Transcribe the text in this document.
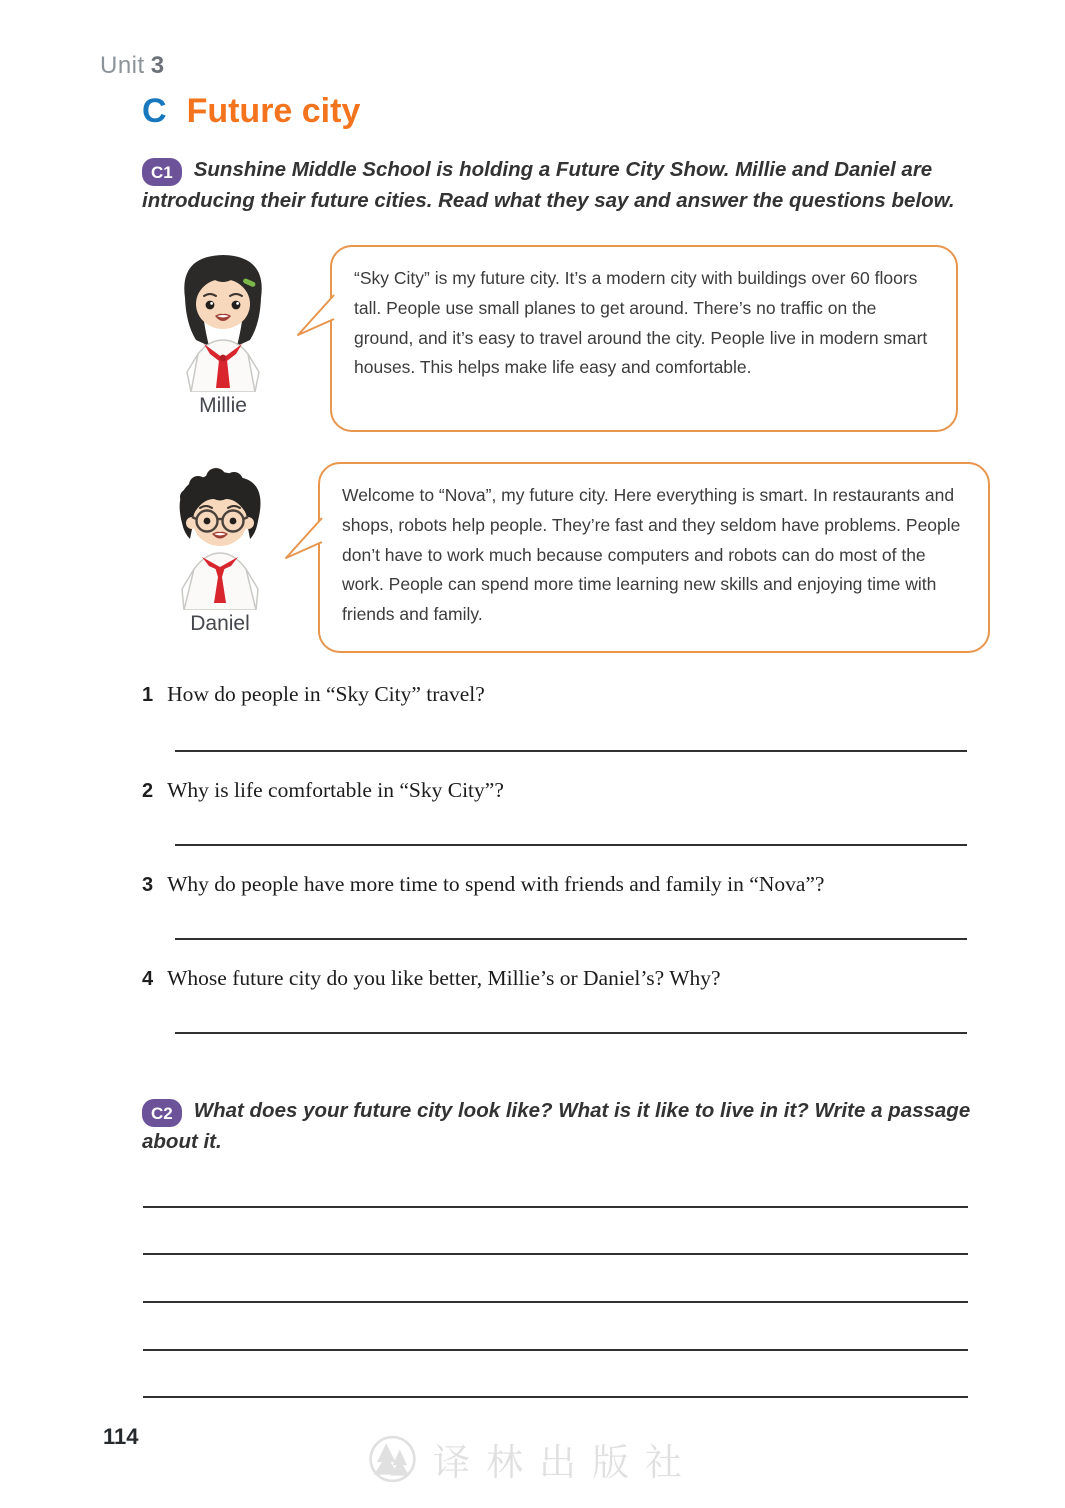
Unit 3
C Future city
C1 Sunshine Middle School is holding a Future City Show. Millie and Daniel are introducing their future cities. Read what they say and answer the questions below.
Millie
“Sky City” is my future city. It’s a modern city with buildings over 60 floors tall. People use small planes to get around. There’s no traffic on the ground, and it’s easy to travel around the city. People live in modern smart houses. This helps make life easy and comfortable.
Daniel
Welcome to “Nova”, my future city. Here everything is smart. In restaurants and shops, robots help people. They’re fast and they seldom have problems. People don’t have to work much because computers and robots can do most of the work. People can spend more time learning new skills and enjoying time with friends and family.
1 How do people in “Sky City” travel?
2 Why is life comfortable in “Sky City”?
3 Why do people have more time to spend with friends and family in “Nova”?
4 Whose future city do you like better, Millie’s or Daniel’s? Why?
C2 What does your future city look like? What is it like to live in it? Write a passage about it.
114
译林出版社
